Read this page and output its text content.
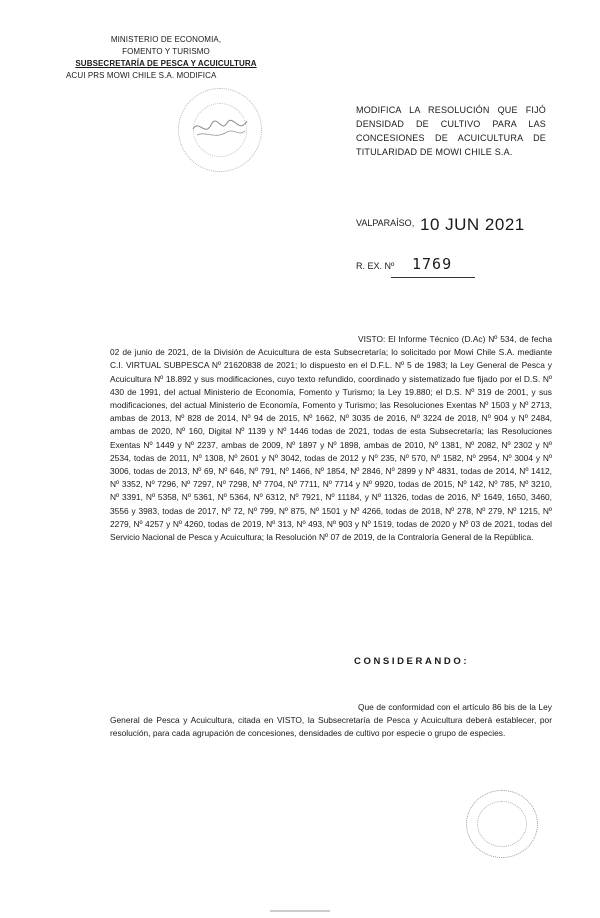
MINISTERIO DE ECONOMIA,
FOMENTO Y TURISMO
SUBSECRETARÍA DE PESCA Y ACUICULTURA
ACUI PRS MOWI CHILE S.A. MODIFICA
MODIFICA LA RESOLUCIÓN QUE FIJÓ DENSIDAD DE CULTIVO PARA LAS CONCESIONES DE ACUICULTURA DE TITULARIDAD DE MOWI CHILE S.A.
VALPARAÍSO, 10 JUN 2021
R. EX. Nº 1769
VISTO: El Informe Técnico (D.Ac) Nº 534, de fecha 02 de junio de 2021, de la División de Acuicultura de esta Subsecretaría; lo solicitado por Mowi Chile S.A. mediante C.I. VIRTUAL SUBPESCA Nº 21620838 de 2021; lo dispuesto en el D.F.L. Nº 5 de 1983; la Ley General de Pesca y Acuicultura Nº 18.892 y sus modificaciones, cuyo texto refundido, coordinado y sistematizado fue fijado por el D.S. Nº 430 de 1991, del actual Ministerio de Economía, Fomento y Turismo; la Ley 19.880; el D.S. Nº 319 de 2001, y sus modificaciones, del actual Ministerio de Economía, Fomento y Turismo; las Resoluciones Exentas Nº 1503 y Nº 2713, ambas de 2013, Nº 828 de 2014, Nº 94 de 2015, Nº 1662, Nº 3035 de 2016, Nº 3224 de 2018, Nº 904 y Nº 2484, ambas de 2020, Nº 160, Digital Nº 1139 y Nº 1446 todas de 2021, todas de esta Subsecretaría; las Resoluciones Exentas Nº 1449 y Nº 2237, ambas de 2009, Nº 1897 y Nº 1898, ambas de 2010, Nº 1381, Nº 2082, Nº 2302 y Nº 2534, todas de 2011, Nº 1308, Nº 2601 y Nº 3042, todas de 2012 y Nº 235, Nº 570, Nº 1582, Nº 2954, Nº 3004 y Nº 3006, todas de 2013, Nº 69, Nº 646, Nº 791, Nº 1466, Nº 1854, Nº 2846, Nº 2899 y Nº 4831, todas de 2014, Nº 1412, Nº 3352, Nº 7296, Nº 7297, Nº 7298, Nº 7704, Nº 7711, Nº 7714 y Nº 9920, todas de 2015, Nº 142, Nº 785, Nº 3210, Nº 3391, Nº 5358, Nº 5361, Nº 5364, Nº 6312, Nº 7921, Nº 11184, y Nº 11326, todas de 2016, Nº 1649, 1650, 3460, 3556 y 3983, todas de 2017, Nº 72, Nº 799, Nº 875, Nº 1501 y Nº 4266, todas de 2018, Nº 278, Nº 279, Nº 1215, Nº 2279, Nº 4257 y Nº 4260, todas de 2019, Nº 313, Nº 493, Nº 903 y Nº 1519, todas de 2020 y Nº 03 de 2021, todas del Servicio Nacional de Pesca y Acuicultura; la Resolución Nº 07 de 2019, de la Contraloría General de la República.
CONSIDERANDO:
Que de conformidad con el artículo 86 bis de la Ley General de Pesca y Acuicultura, citada en VISTO, la Subsecretaría de Pesca y Acuicultura deberá establecer, por resolución, para cada agrupación de concesiones, densidades de cultivo por especie o grupo de especies.
